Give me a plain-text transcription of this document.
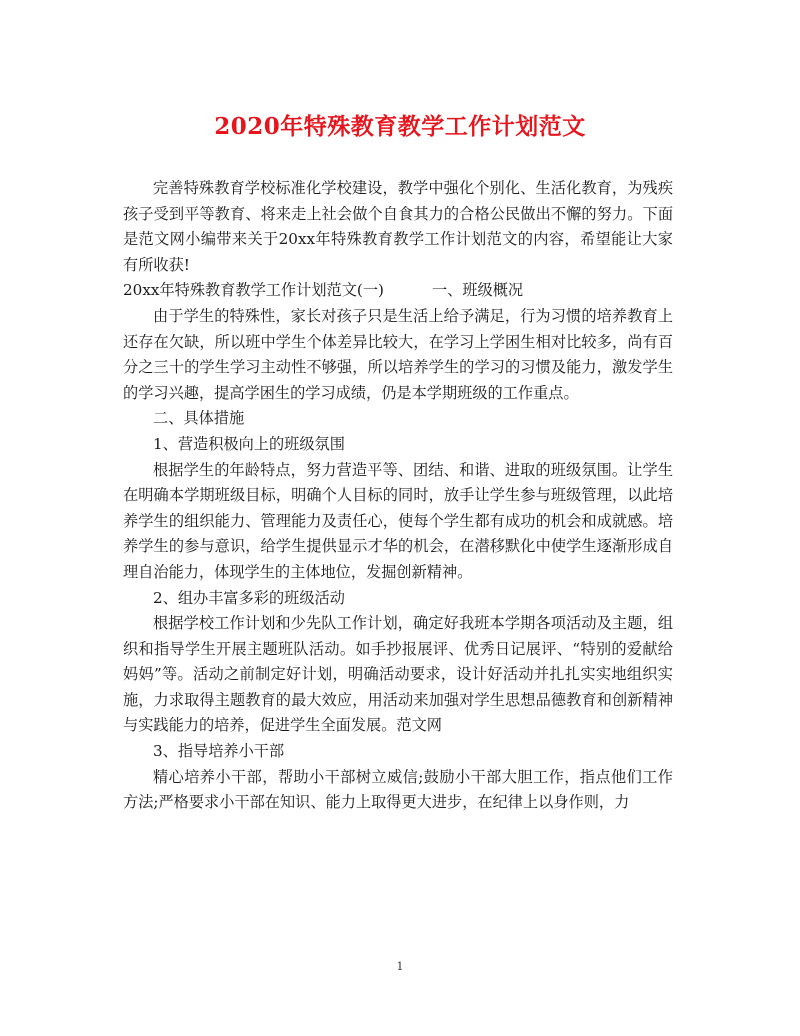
2020年特殊教育教学工作计划范文

完善特殊教育学校标准化学校建设，教学中强化个别化、生活化教育，为残疾孩子受到平等教育、将来走上社会做个自食其力的合格公民做出不懈的努力。下面是范文网小编带来关于20xx年特殊教育教学工作计划范文的内容，希望能让大家有所收获!

20xx年特殊教育教学工作计划范文(一)	一、班级概况

由于学生的特殊性，家长对孩子只是生活上给予满足，行为习惯的培养教育上还存在欠缺，所以班中学生个体差异比较大，在学习上学困生相对比较多，尚有百分之三十的学生学习主动性不够强，所以培养学生的学习的习惯及能力，激发学生的学习兴趣，提高学困生的学习成绩，仍是本学期班级的工作重点。

二、具体措施

1、营造积极向上的班级氛围

根据学生的年龄特点，努力营造平等、团结、和谐、进取的班级氛围。让学生在明确本学期班级目标，明确个人目标的同时，放手让学生参与班级管理，以此培养学生的组织能力、管理能力及责任心，使每个学生都有成功的机会和成就感。培养学生的参与意识，给学生提供显示才华的机会，在潜移默化中使学生逐渐形成自理自治能力，体现学生的主体地位，发掘创新精神。

2、组办丰富多彩的班级活动

根据学校工作计划和少先队工作计划，确定好我班本学期各项活动及主题，组织和指导学生开展主题班队活动。如手抄报展评、优秀日记展评、“特别的爱献给妈妈”等。活动之前制定好计划，明确活动要求，设计好活动并扎扎实实地组织实施，力求取得主题教育的最大效应，用活动来加强对学生思想品德教育和创新精神与实践能力的培养，促进学生全面发展。范文网

3、指导培养小干部

精心培养小干部，帮助小干部树立威信;鼓励小干部大胆工作，指点他们工作方法;严格要求小干部在知识、能力上取得更大进步，在纪律上以身作则，力

1
